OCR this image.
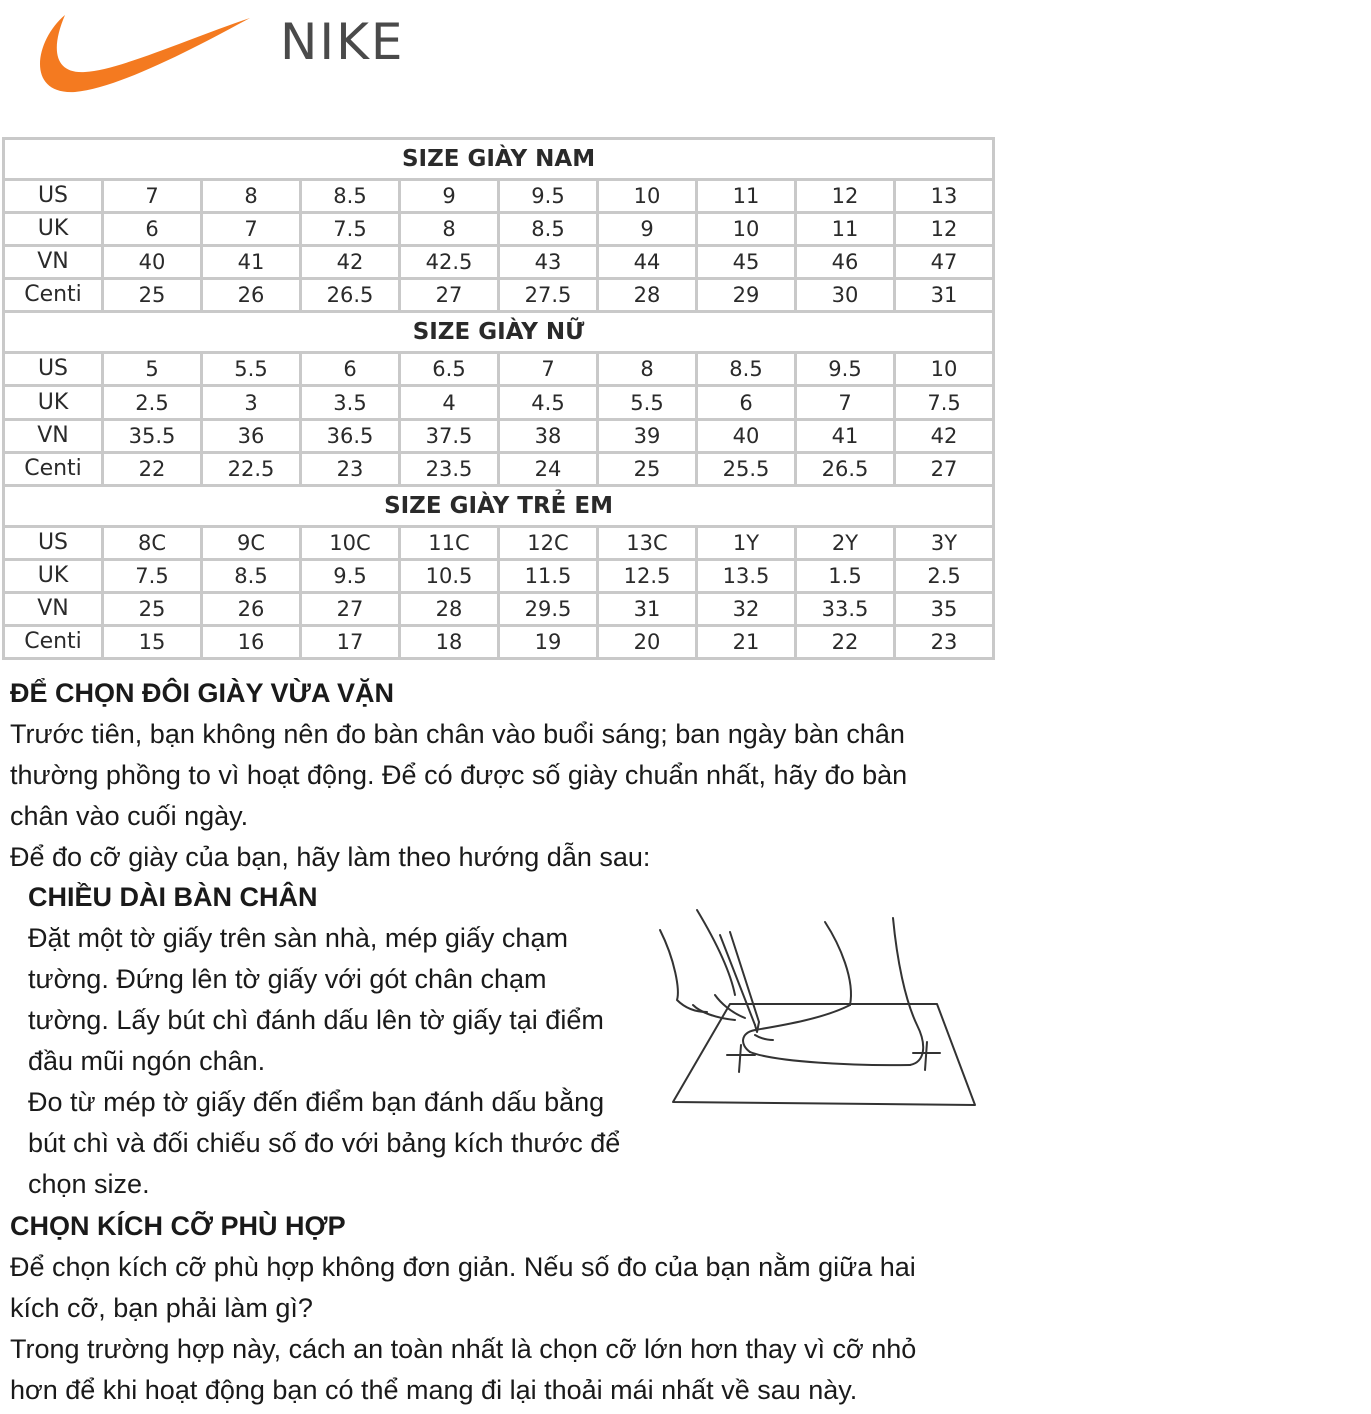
NIKE
SIZE GIÀY NAM									
US	7	8	8.5	9	9.5	10	11	12	13
UK	6	7	7.5	8	8.5	9	10	11	12
VN	40	41	42	42.5	43	44	45	46	47
Centi	25	26	26.5	27	27.5	28	29	30	31
SIZE GIÀY NỮ									
US	5	5.5	6	6.5	7	8	8.5	9.5	10
UK	2.5	3	3.5	4	4.5	5.5	6	7	7.5
VN	35.5	36	36.5	37.5	38	39	40	41	42
Centi	22	22.5	23	23.5	24	25	25.5	26.5	27
SIZE GIÀY TRẺ EM									
US	8C	9C	10C	11C	12C	13C	1Y	2Y	3Y
UK	7.5	8.5	9.5	10.5	11.5	12.5	13.5	1.5	2.5
VN	25	26	27	28	29.5	31	32	33.5	35
Centi	15	16	17	18	19	20	21	22	23
ĐỂ CHỌN ĐÔI GIÀY VỪA VẶN
Trước tiên, bạn không nên đo bàn chân vào buổi sáng; ban ngày bàn chân
thường phồng to vì hoạt động. Để có được số giày chuẩn nhất, hãy đo bàn
chân vào cuối ngày.
Để đo cỡ giày của bạn, hãy làm theo hướng dẫn sau:
CHIỀU DÀI BÀN CHÂN
Đặt một tờ giấy trên sàn nhà, mép giấy chạm
tường. Đứng lên tờ giấy với gót chân chạm
tường. Lấy bút chì đánh dấu lên tờ giấy tại điểm
đầu mũi ngón chân.
Đo từ mép tờ giấy đến điểm bạn đánh dấu bằng
bút chì và đối chiếu số đo với bảng kích thước để
chọn size.
CHỌN KÍCH CỠ PHÙ HỢP
Để chọn kích cỡ phù hợp không đơn giản. Nếu số đo của bạn nằm giữa hai
kích cỡ, bạn phải làm gì?
Trong trường hợp này, cách an toàn nhất là chọn cỡ lớn hơn thay vì cỡ nhỏ
hơn để khi hoạt động bạn có thể mang đi lại thoải mái nhất về sau này.
